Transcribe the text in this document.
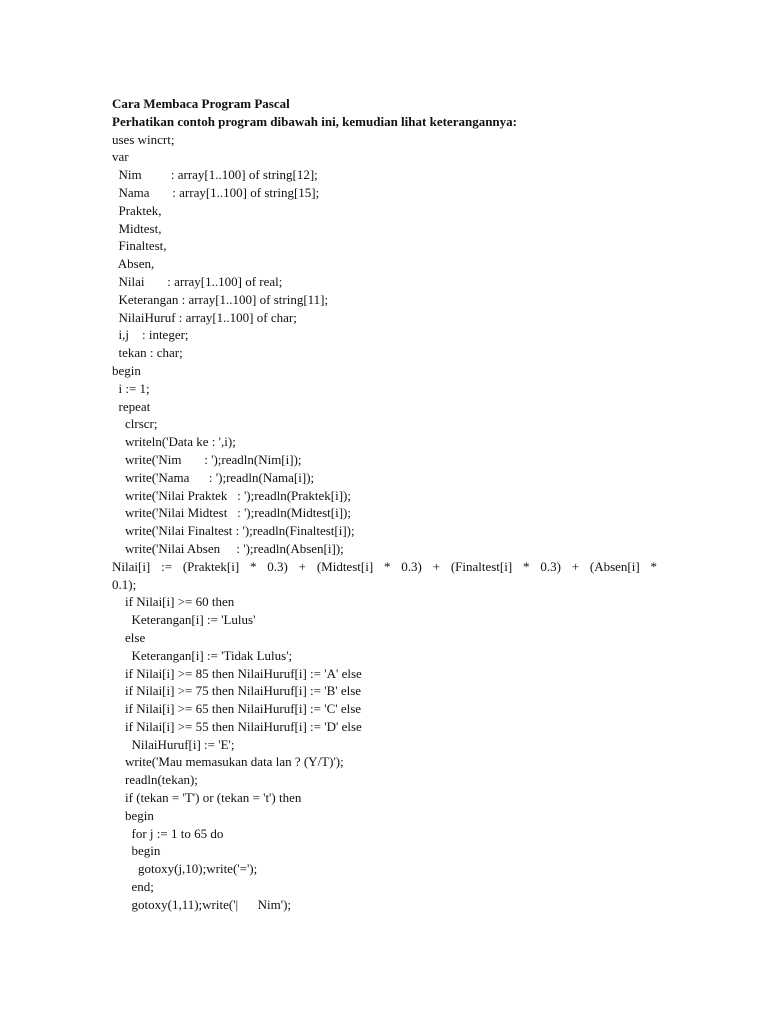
Cara Membaca Program Pascal
Perhatikan contoh program dibawah ini, kemudian lihat keterangannya:
uses wincrt;
var
Nim         : array[1..100] of string[12];
Nama       : array[1..100] of string[15];
Praktek,
Midtest,
Finaltest,
Absen,
Nilai       : array[1..100] of real;
Keterangan : array[1..100] of string[11];
NilaiHuruf : array[1..100] of char;
i,j    : integer;
tekan : char;
begin
i := 1;
repeat
clrscr;
writeln('Data ke : ',i);
write('Nim       : ');readln(Nim[i]);
write('Nama      : ');readln(Nama[i]);
write('Nilai Praktek   : ');readln(Praktek[i]);
write('Nilai Midtest   : ');readln(Midtest[i]);
write('Nilai Finaltest : ');readln(Finaltest[i]);
write('Nilai Absen     : ');readln(Absen[i]);
Nilai[i] := (Praktek[i] * 0.3) + (Midtest[i] * 0.3) + (Finaltest[i] * 0.3) + (Absen[i] *
0.1);
if Nilai[i] >= 60 then
Keterangan[i] := 'Lulus'
else
Keterangan[i] := 'Tidak Lulus';
if Nilai[i] >= 85 then NilaiHuruf[i] := 'A' else
if Nilai[i] >= 75 then NilaiHuruf[i] := 'B' else
if Nilai[i] >= 65 then NilaiHuruf[i] := 'C' else
if Nilai[i] >= 55 then NilaiHuruf[i] := 'D' else
NilaiHuruf[i] := 'E';
write('Mau memasukan data lan ? (Y/T)');
readln(tekan);
if (tekan = 'T') or (tekan = 't') then
begin
for j := 1 to 65 do
begin
gotoxy(j,10);write('=');
end;
gotoxy(1,11);write('|      Nim');
